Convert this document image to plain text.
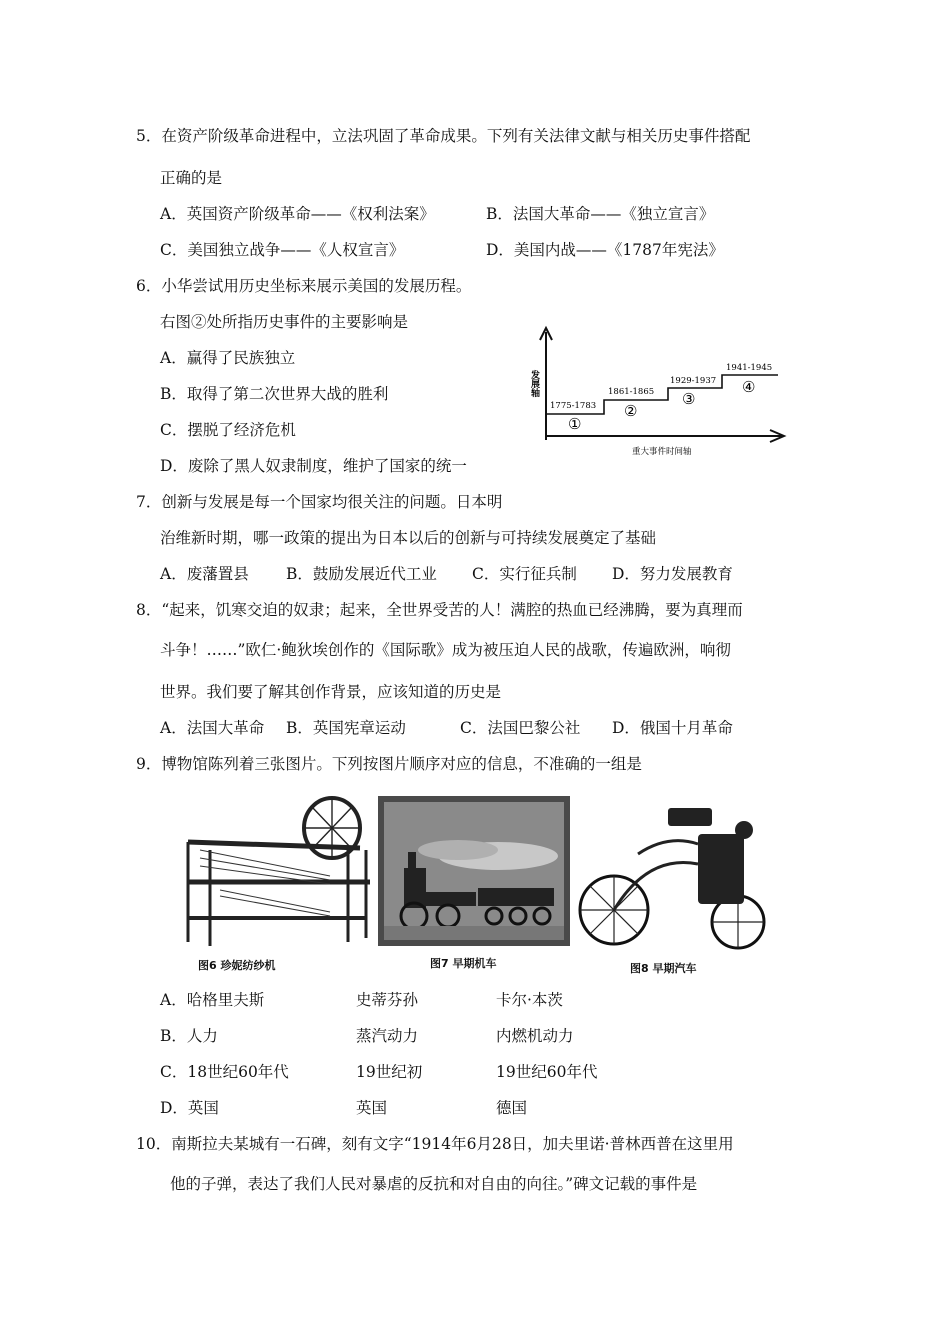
5．在资产阶级革命进程中，立法巩固了革命成果。下列有关法律文献与相关历史事件搭配
正确的是
A．英国资产阶级革命——《权利法案》	B．法国大革命——《独立宣言》
C．美国独立战争——《人权宣言》	D．美国内战——《1787年宪法》
6．小华尝试用历史坐标来展示美国的发展历程。
右图②处所指历史事件的主要影响是
A．赢得了民族独立
B．取得了第二次世界大战的胜利
C．摆脱了经济危机
D．废除了黑人奴隶制度，维护了国家的统一
发展轴
1775-1783
1861-1865
1929-1937
1941-1945
①
②
③
④
重大事件时间轴
7．创新与发展是每一个国家均很关注的问题。日本明
治维新时期，哪一政策的提出为日本以后的创新与可持续发展奠定了基础
A．废藩置县 B．鼓励发展近代工业 C．实行征兵制 D．努力发展教育
8．“起来，饥寒交迫的奴隶；起来，全世界受苦的人！满腔的热血已经沸腾，要为真理而
斗争！……”欧仁·鲍狄埃创作的《国际歌》成为被压迫人民的战歌，传遍欧洲，响彻
世界。我们要了解其创作背景，应该知道的历史是
A．法国大革命 B．英国宪章运动	C．法国巴黎公社 D．俄国十月革命
9．博物馆陈列着三张图片。下列按图片顺序对应的信息，不准确的一组是
图6 珍妮纺纱机	图7 早期机车	图8 早期汽车
A．哈格里夫斯	史蒂芬孙	卡尔·本茨
B．人力	蒸汽动力	内燃机动力
C．18世纪60年代	19世纪初	19世纪60年代
D．英国	英国	德国
10．南斯拉夫某城有一石碑，刻有文字“1914年6月28日，加夫里诺·普林西普在这里用
他的子弹，表达了我们人民对暴虐的反抗和对自由的向往。”碑文记载的事件是
